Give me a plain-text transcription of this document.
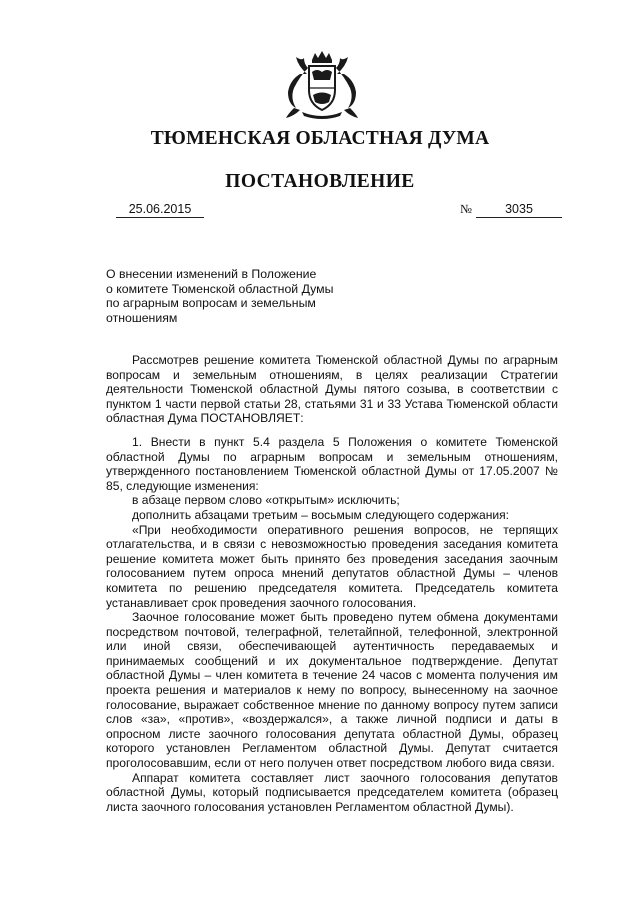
ТЮМЕНСКАЯ ОБЛАСТНАЯ ДУМА
ПОСТАНОВЛЕНИЕ
25.06.2015	№	3035
О внесении изменений в Положение
о комитете Тюменской областной Думы
по аграрным вопросам и земельным
отношениям

Рассмотрев решение комитета Тюменской областной Думы по аграрным вопросам и земельным отношениям, в целях реализации Стратегии деятельности Тюменской областной Думы пятого созыва, в соответствии с пунктом 1 части первой статьи 28, статьями 31 и 33 Устава Тюменской области областная Дума ПОСТАНОВЛЯЕТ:

1. Внести в пункт 5.4 раздела 5 Положения о комитете Тюменской областной Думы по аграрным вопросам и земельным отношениям, утвержденного постановлением Тюменской областной Думы от 17.05.2007 № 85, следующие изменения:

в абзаце первом слово «открытым» исключить;

дополнить абзацами третьим – восьмым следующего содержания:

«При необходимости оперативного решения вопросов, не терпящих отлагательства, и в связи с невозможностью проведения заседания комитета решение комитета может быть принято без проведения заседания заочным голосованием путем опроса мнений депутатов областной Думы – членов комитета по решению председателя комитета. Председатель комитета устанавливает срок проведения заочного голосования.

Заочное голосование может быть проведено путем обмена документами посредством почтовой, телеграфной, телетайпной, телефонной, электронной или иной связи, обеспечивающей аутентичность передаваемых и принимаемых сообщений и их документальное подтверждение. Депутат областной Думы – член комитета в течение 24 часов с момента получения им проекта решения и материалов к нему по вопросу, вынесенному на заочное голосование, выражает собственное мнение по данному вопросу путем записи слов «за», «против», «воздержался», а также личной подписи и даты в опросном листе заочного голосования депутата областной Думы, образец которого установлен Регламентом областной Думы. Депутат считается проголосовавшим, если от него получен ответ посредством любого вида связи.

Аппарат комитета составляет лист заочного голосования депутатов областной Думы, который подписывается председателем комитета (образец листа заочного голосования установлен Регламентом областной Думы).
